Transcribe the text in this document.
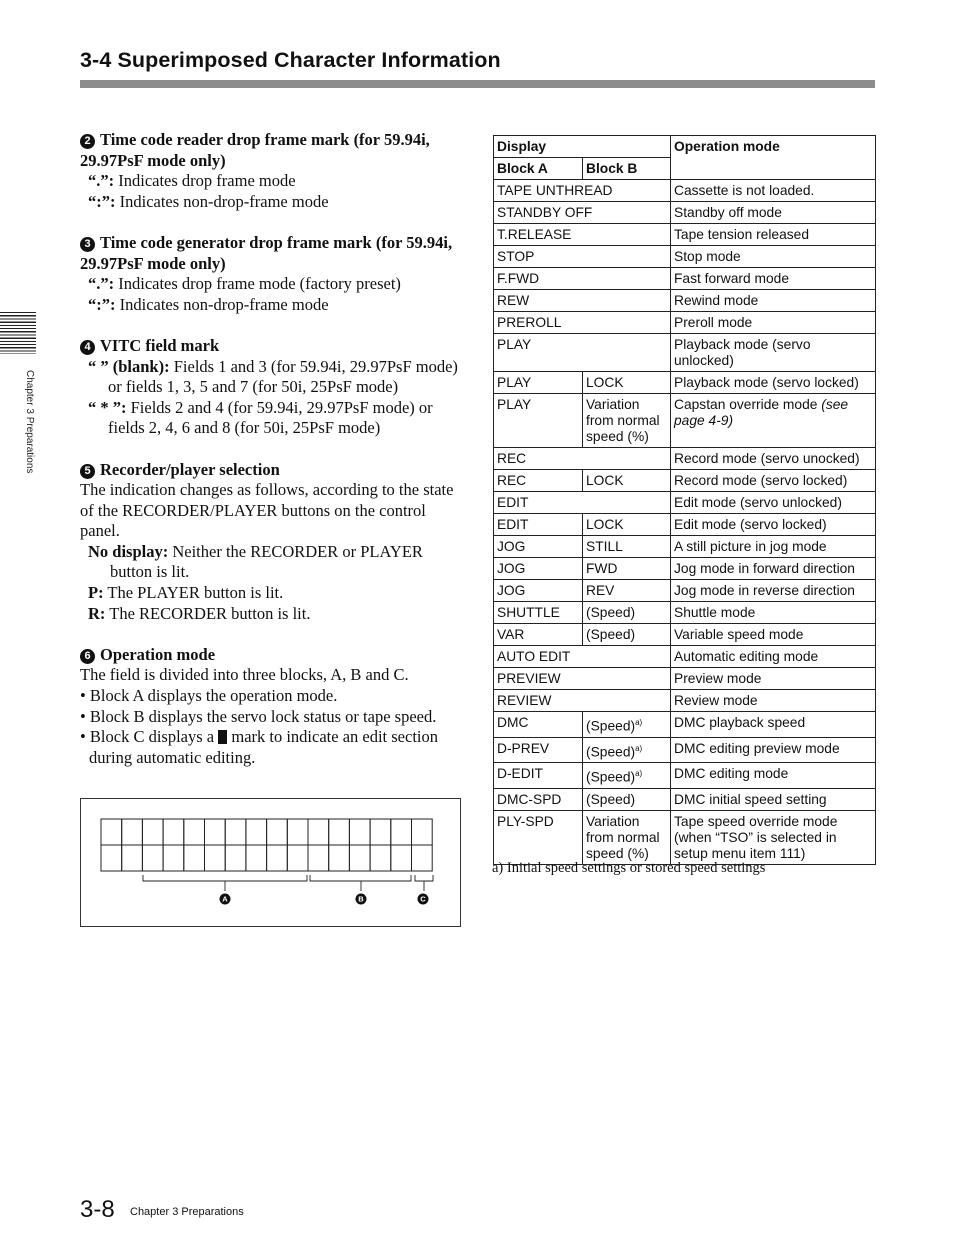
3-4 Superimposed Character Information
Chapter 3 Preparations
2 Time code reader drop frame mark (for 59.94i, 29.97PsF mode only)
“.”: Indicates drop frame mode
“:”: Indicates non-drop-frame mode
3 Time code generator drop frame mark (for 59.94i, 29.97PsF mode only)
“.”: Indicates drop frame mode (factory preset)
“:”: Indicates non-drop-frame mode
4 VITC field mark
“ ” (blank): Fields 1 and 3 (for 59.94i, 29.97PsF mode) or fields 1, 3, 5 and 7 (for 50i, 25PsF mode)
“ * ”: Fields 2 and 4 (for 59.94i, 29.97PsF mode) or fields 2, 4, 6 and 8 (for 50i, 25PsF mode)
5 Recorder/player selection
The indication changes as follows, according to the state of the RECORDER/PLAYER buttons on the control panel.
No display: Neither the RECORDER or PLAYER button is lit.
P: The PLAYER button is lit.
R: The RECORDER button is lit.
6 Operation mode
The field is divided into three blocks, A, B and C.
• Block A displays the operation mode.
• Block B displays the servo lock status or tape speed.
• Block C displays a  mark to indicate an edit section during automatic editing.
A	B	C
Display		Operation mode
Block A	Block B	
TAPE UNTHREAD		Cassette is not loaded.
STANDBY OFF		Standby off mode
T.RELEASE		Tape tension released
STOP		Stop mode
F.FWD		Fast forward mode
REW		Rewind mode
PREROLL		Preroll mode
PLAY		Playback mode (servo unlocked)
PLAY	LOCK	Playback mode (servo locked)
PLAY	Variation from normal speed (%)	Capstan override mode (see page 4-9)
REC		Record mode (servo unocked)
REC	LOCK	Record mode (servo locked)
EDIT		Edit mode (servo unlocked)
EDIT	LOCK	Edit mode (servo locked)
JOG	STILL	A still picture in jog mode
JOG	FWD	Jog mode in forward direction
JOG	REV	Jog mode in reverse direction
SHUTTLE	(Speed)	Shuttle mode
VAR	(Speed)	Variable speed mode
AUTO EDIT		Automatic editing mode
PREVIEW		Preview mode
REVIEW		Review mode
DMC	(Speed)$^{a)}$	DMC playback speed
D-PREV	(Speed)$^{a)}$	DMC editing preview mode
D-EDIT	(Speed)$^{a)}$	DMC editing mode
DMC-SPD	(Speed)	DMC initial speed setting
PLY-SPD	Variation from normal speed (%)	Tape speed override mode (when “TSO” is selected in setup menu item 111)
a) Initial speed settings or stored speed settings
3-8 Chapter 3 Preparations
